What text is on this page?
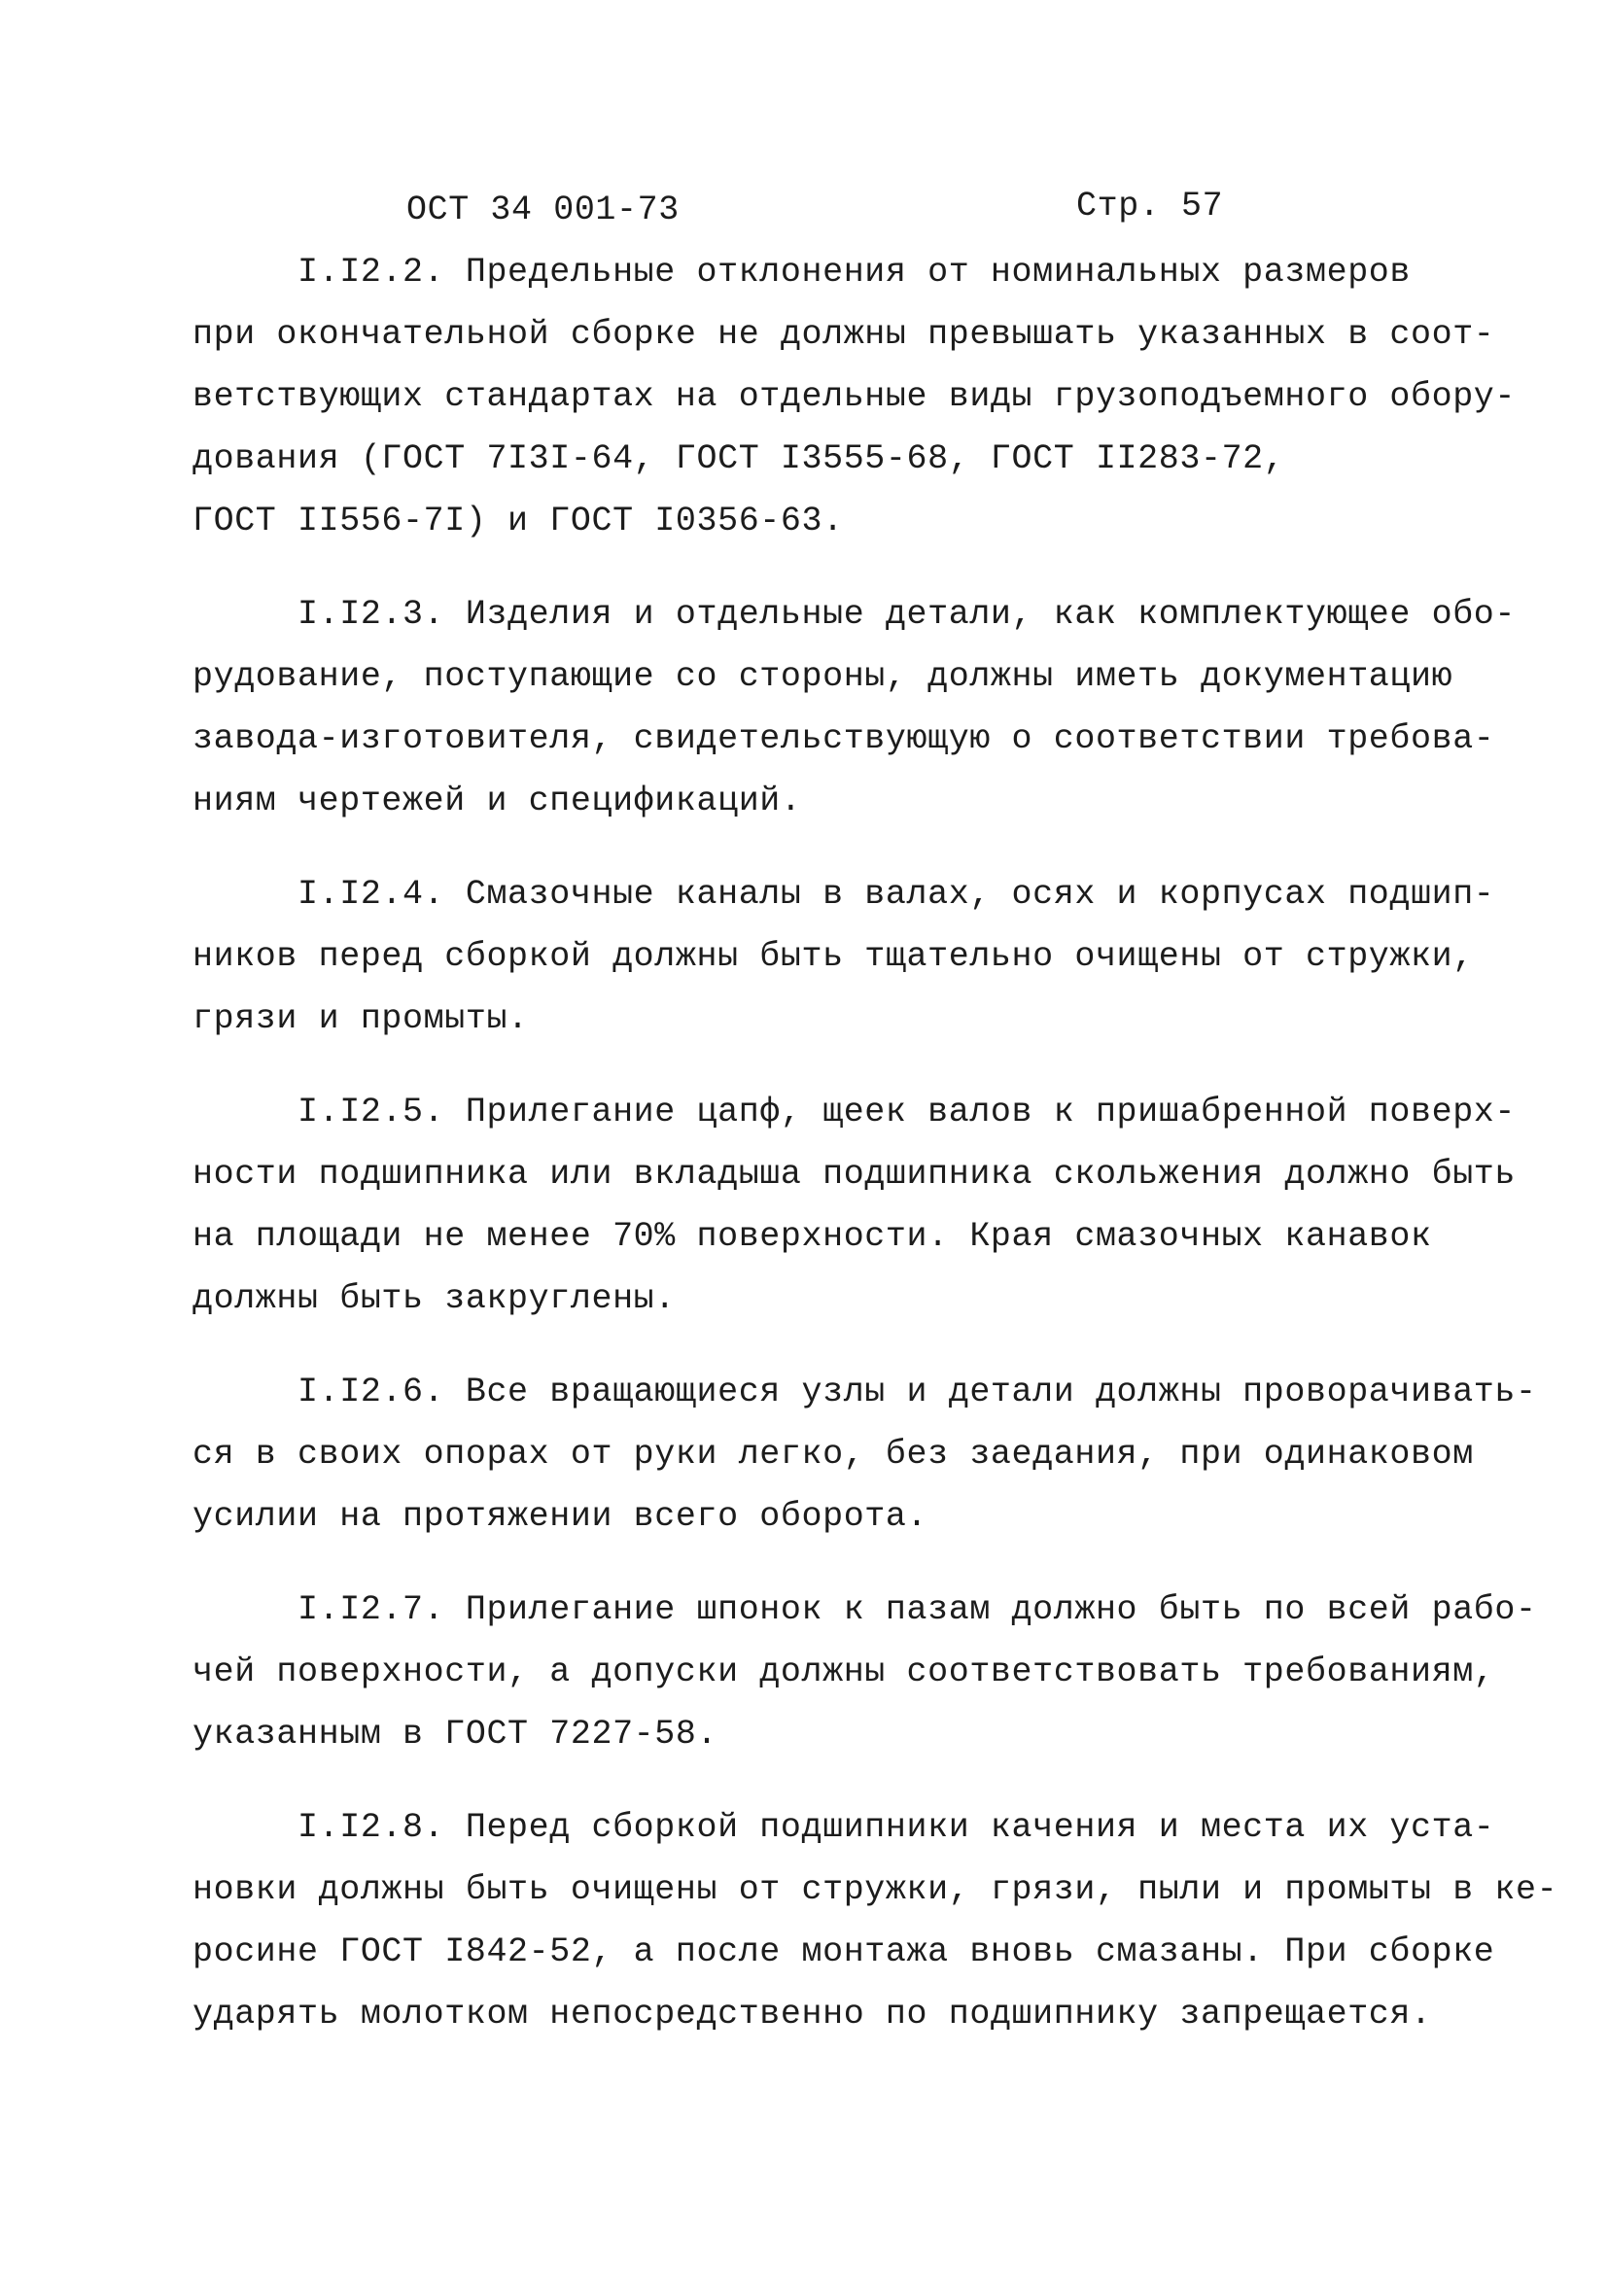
ОСТ 34 001-73	Стр. 57
I.I2.2. Предельные отклонения от номинальных размеров
при окончательной сборке не должны превышать указанных в соот-
ветствующих стандартах на отдельные виды грузоподъемного обору-
дования (ГОСТ 7I3I-64, ГОСТ I3555-68, ГОСТ II283-72,
ГОСТ II556-7I) и ГОСТ I0356-63.
I.I2.3. Изделия и отдельные детали, как комплектующее обо-
рудование, поступающие со стороны, должны иметь документацию
завода-изготовителя, свидетельствующую о соответствии требова-
ниям чертежей и спецификаций.
I.I2.4. Смазочные каналы в валах, осях и корпусах подшип-
ников перед сборкой должны быть тщательно очищены от стружки,
грязи и промыты.
I.I2.5. Прилегание цапф, щеек валов к пришабренной поверх-
ности подшипника или вкладыша подшипника скольжения должно быть
на площади не менее 70% поверхности. Края смазочных канавок
должны быть закруглены.
I.I2.6. Все вращающиеся узлы и детали должны проворачивать-
ся в своих опорах от руки легко, без заедания, при одинаковом
усилии на протяжении всего оборота.
I.I2.7. Прилегание шпонок к пазам должно быть по всей рабо-
чей поверхности, а допуски должны соответствовать требованиям,
указанным в ГОСТ 7227-58.
I.I2.8. Перед сборкой подшипники качения и места их уста-
новки должны быть очищены от стружки, грязи, пыли и промыты в ке-
росине ГОСТ I842-52, а после монтажа вновь смазаны. При сборке
ударять молотком непосредственно по подшипнику запрещается.
